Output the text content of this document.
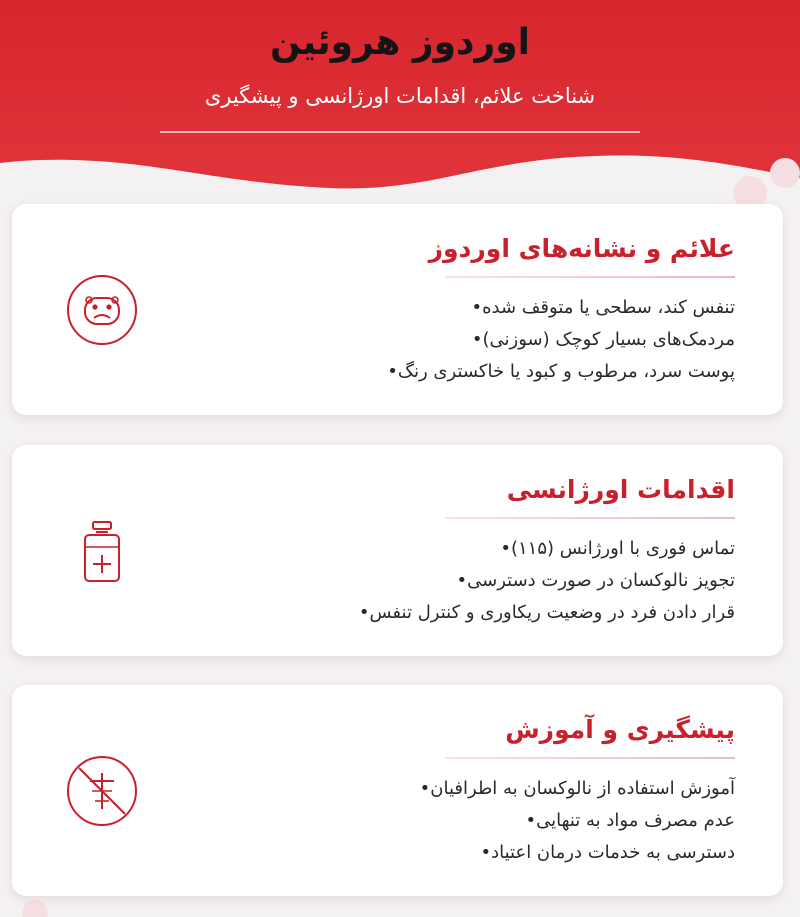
اوردوز هروئین
شناخت علائم، اقدامات اورژانسی و پیشگیری
علائم و نشانه‌های اوردوز
تنفس کند، سطحی یا متوقف شده•
مردمک‌های بسیار کوچک (سوزنی)•
پوست سرد، مرطوب و کبود یا خاکستری رنگ•
اقدامات اورژانسی
تماس فوری با اورژانس (۱۱۵)•
تجویز نالوکسان در صورت دسترسی•
قرار دادن فرد در وضعیت ریکاوری و کنترل تنفس•
پیشگیری و آموزش
آموزش استفاده از نالوکسان به اطرافیان•
عدم مصرف مواد به تنهایی•
دسترسی به خدمات درمان اعتیاد•
